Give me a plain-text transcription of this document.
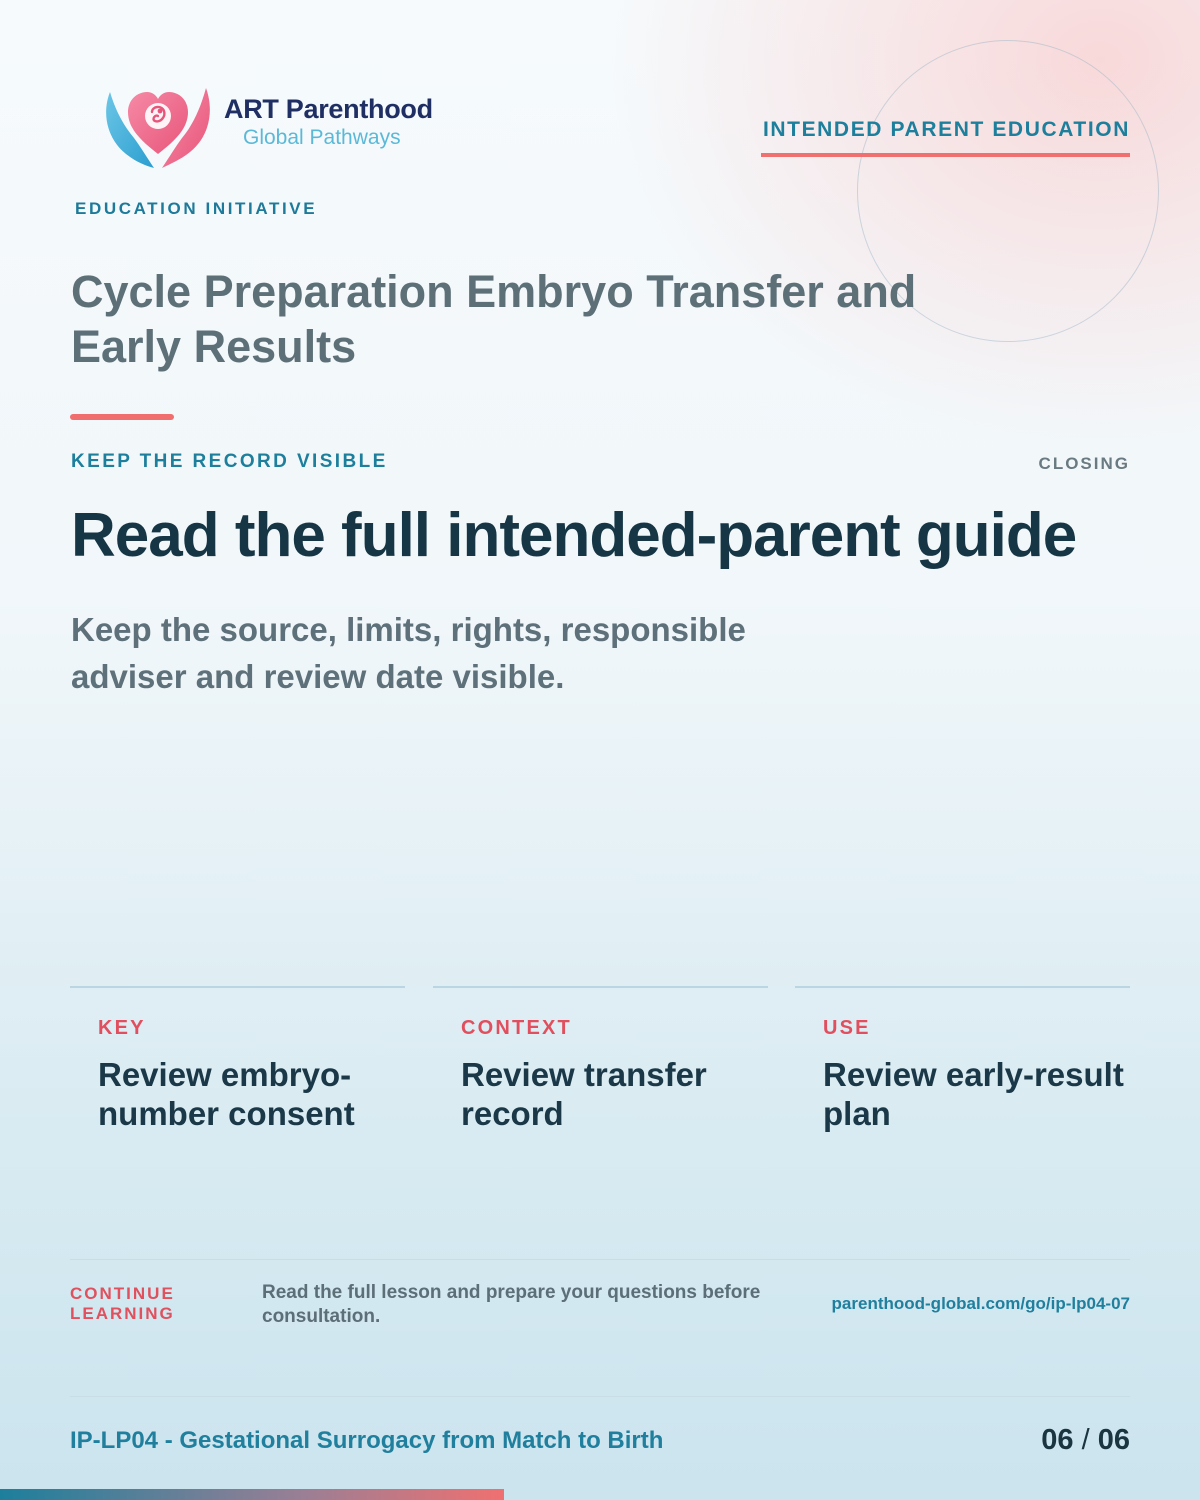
ART Parenthood
Global Pathways
EDUCATION INITIATIVE
INTENDED PARENT EDUCATION
Cycle Preparation Embryo Transfer and Early Results
KEEP THE RECORD VISIBLE	CLOSING
Read the full intended-parent guide
Keep the source, limits, rights, responsible adviser and review date visible.
KEY
Review embryo-number consent
CONTEXT
Review transfer record
USE
Review early-result plan
CONTINUE LEARNING
Read the full lesson and prepare your questions before consultation.
parenthood-global.com/go/ip-lp04-07
IP-LP04 - Gestational Surrogacy from Match to Birth	06 / 06
